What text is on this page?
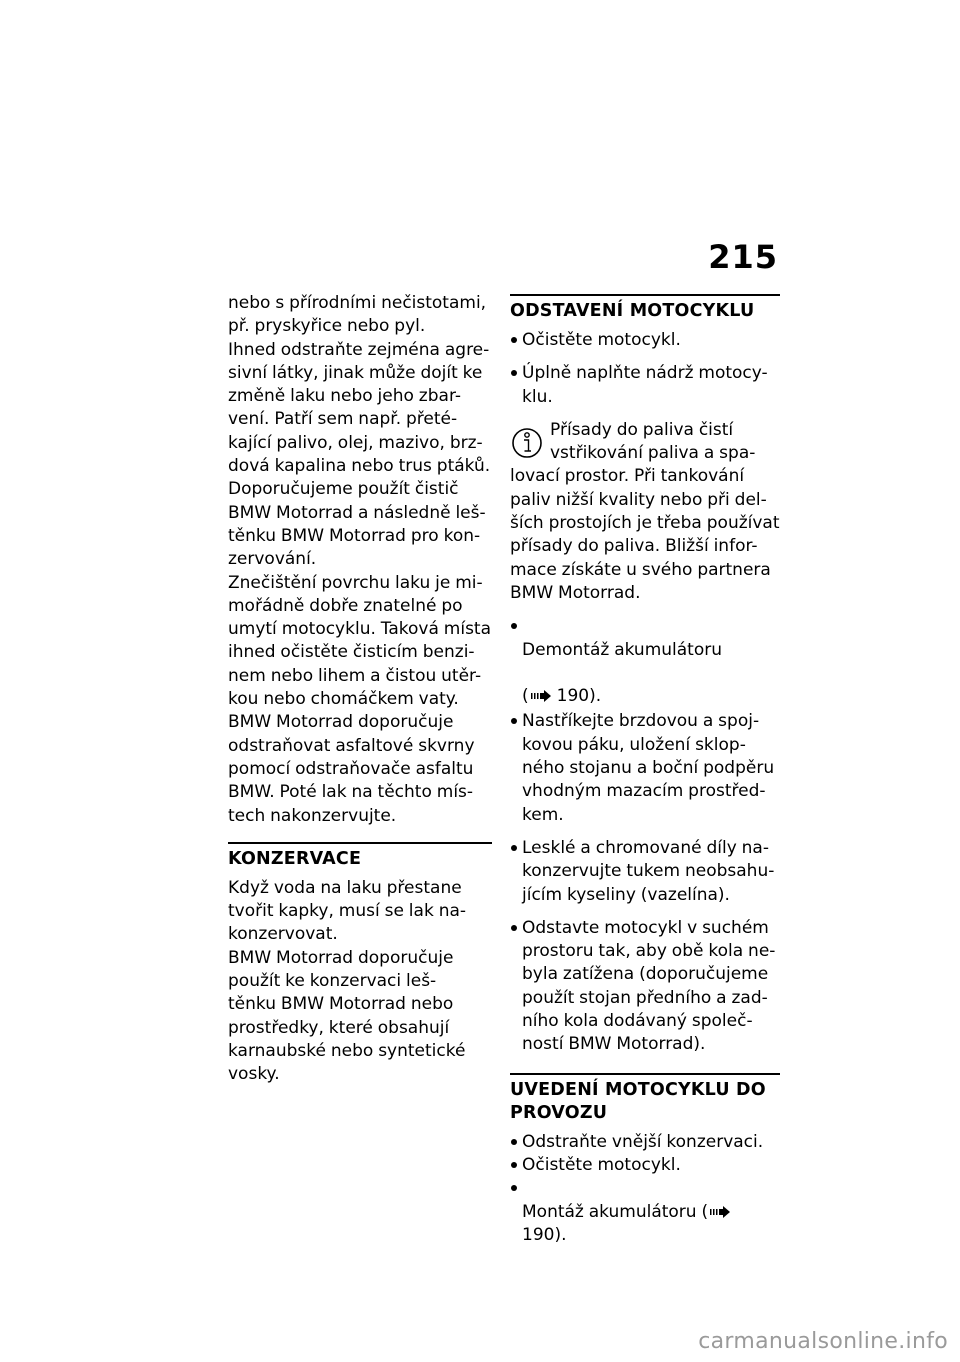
215

nebo s přírodními nečistotami,
př. pryskyřice nebo pyl.
Ihned odstraňte zejména agre-
sivní látky, jinak může dojít ke
změně laku nebo jeho zbar-
vení. Patří sem např. přeté-
kající palivo, olej, mazivo, brz-
dová kapalina nebo trus ptáků.
Doporučujeme použít čistič
BMW Motorrad a následně leš-
těnku BMW Motorrad pro kon-
zervování.

Znečištění povrchu laku je mi-
mořádně dobře znatelné po
umytí motocyklu. Taková místa
ihned očistěte čisticím benzi-
nem nebo lihem a čistou utěr-
kou nebo chomáčkem vaty.
BMW Motorrad doporučuje
odstraňovat asfaltové skvrny
pomocí odstraňovače asfaltu
BMW. Poté lak na těchto mís-
tech nakonzervujte.

KONZERVACE

Když voda na laku přestane
tvořit kapky, musí se lak na-
konzervovat.

BMW Motorrad doporučuje
použít ke konzervaci leš-
těnku BMW Motorrad nebo
prostředky, které obsahují
karnaubské nebo syntetické
vosky.

ODSTAVENÍ MOTOCYKLU
Očistěte motocykl.
Úplně naplňte nádrž motocy-
klu.
Přísady do paliva čistí
vstřikování paliva a spa-
lovací prostor. Při tankování
paliv nižší kvality nebo při del-
ších prostojích je třeba používat
přísady do paliva. Bližší infor-
mace získáte u svého partnera
BMW Motorrad.

Demontáž akumulátoru

( 190).

Nastříkejte brzdovou a spoj-
kovou páku, uložení sklop-
ného stojanu a boční podpěru
vhodným mazacím prostřed-
kem.
Lesklé a chromované díly na-
konzervujte tukem neobsahu-
jícím kyseliny (vazelína).
Odstavte motocykl v suchém
prostoru tak, aby obě kola ne-
byla zatížena (doporučujeme
použít stojan předního a zad-
ního kola dodávaný společ-
ností BMW Motorrad).
UVEDENÍ MOTOCYKLU DO
PROVOZU
Odstraňte vnější konzervaci.
Očistěte motocykl.

Montáž akumulátoru (190).

carmanualsonline.info
